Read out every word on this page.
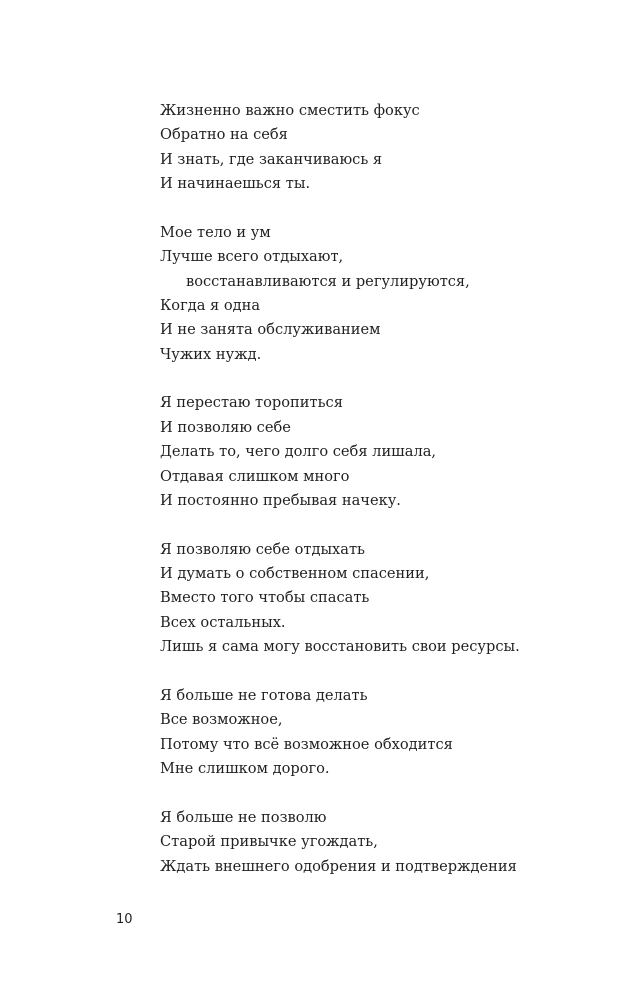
Жизненно важно сместить фокус
Обратно на себя
И знать, где заканчиваюсь я
И начинаешься ты.
Мое тело и ум
Лучше всего отдыхают,
восстанавливаются и регулируются,
Когда я одна
И не занята обслуживанием
Чужих нужд.
Я перестаю торопиться
И позволяю себе
Делать то, чего долго себя лишала,
Отдавая слишком много
И постоянно пребывая начеку.
Я позволяю себе отдыхать
И думать о собственном спасении,
Вместо того чтобы спасать
Всех остальных.
Лишь я сама могу восстановить свои ресурсы.
Я больше не готова делать
Все возможное,
Потому что всё возможное обходится
Мне слишком дорого.
Я больше не позволю
Старой привычке угождать,
Ждать внешнего одобрения и подтверждения
10
